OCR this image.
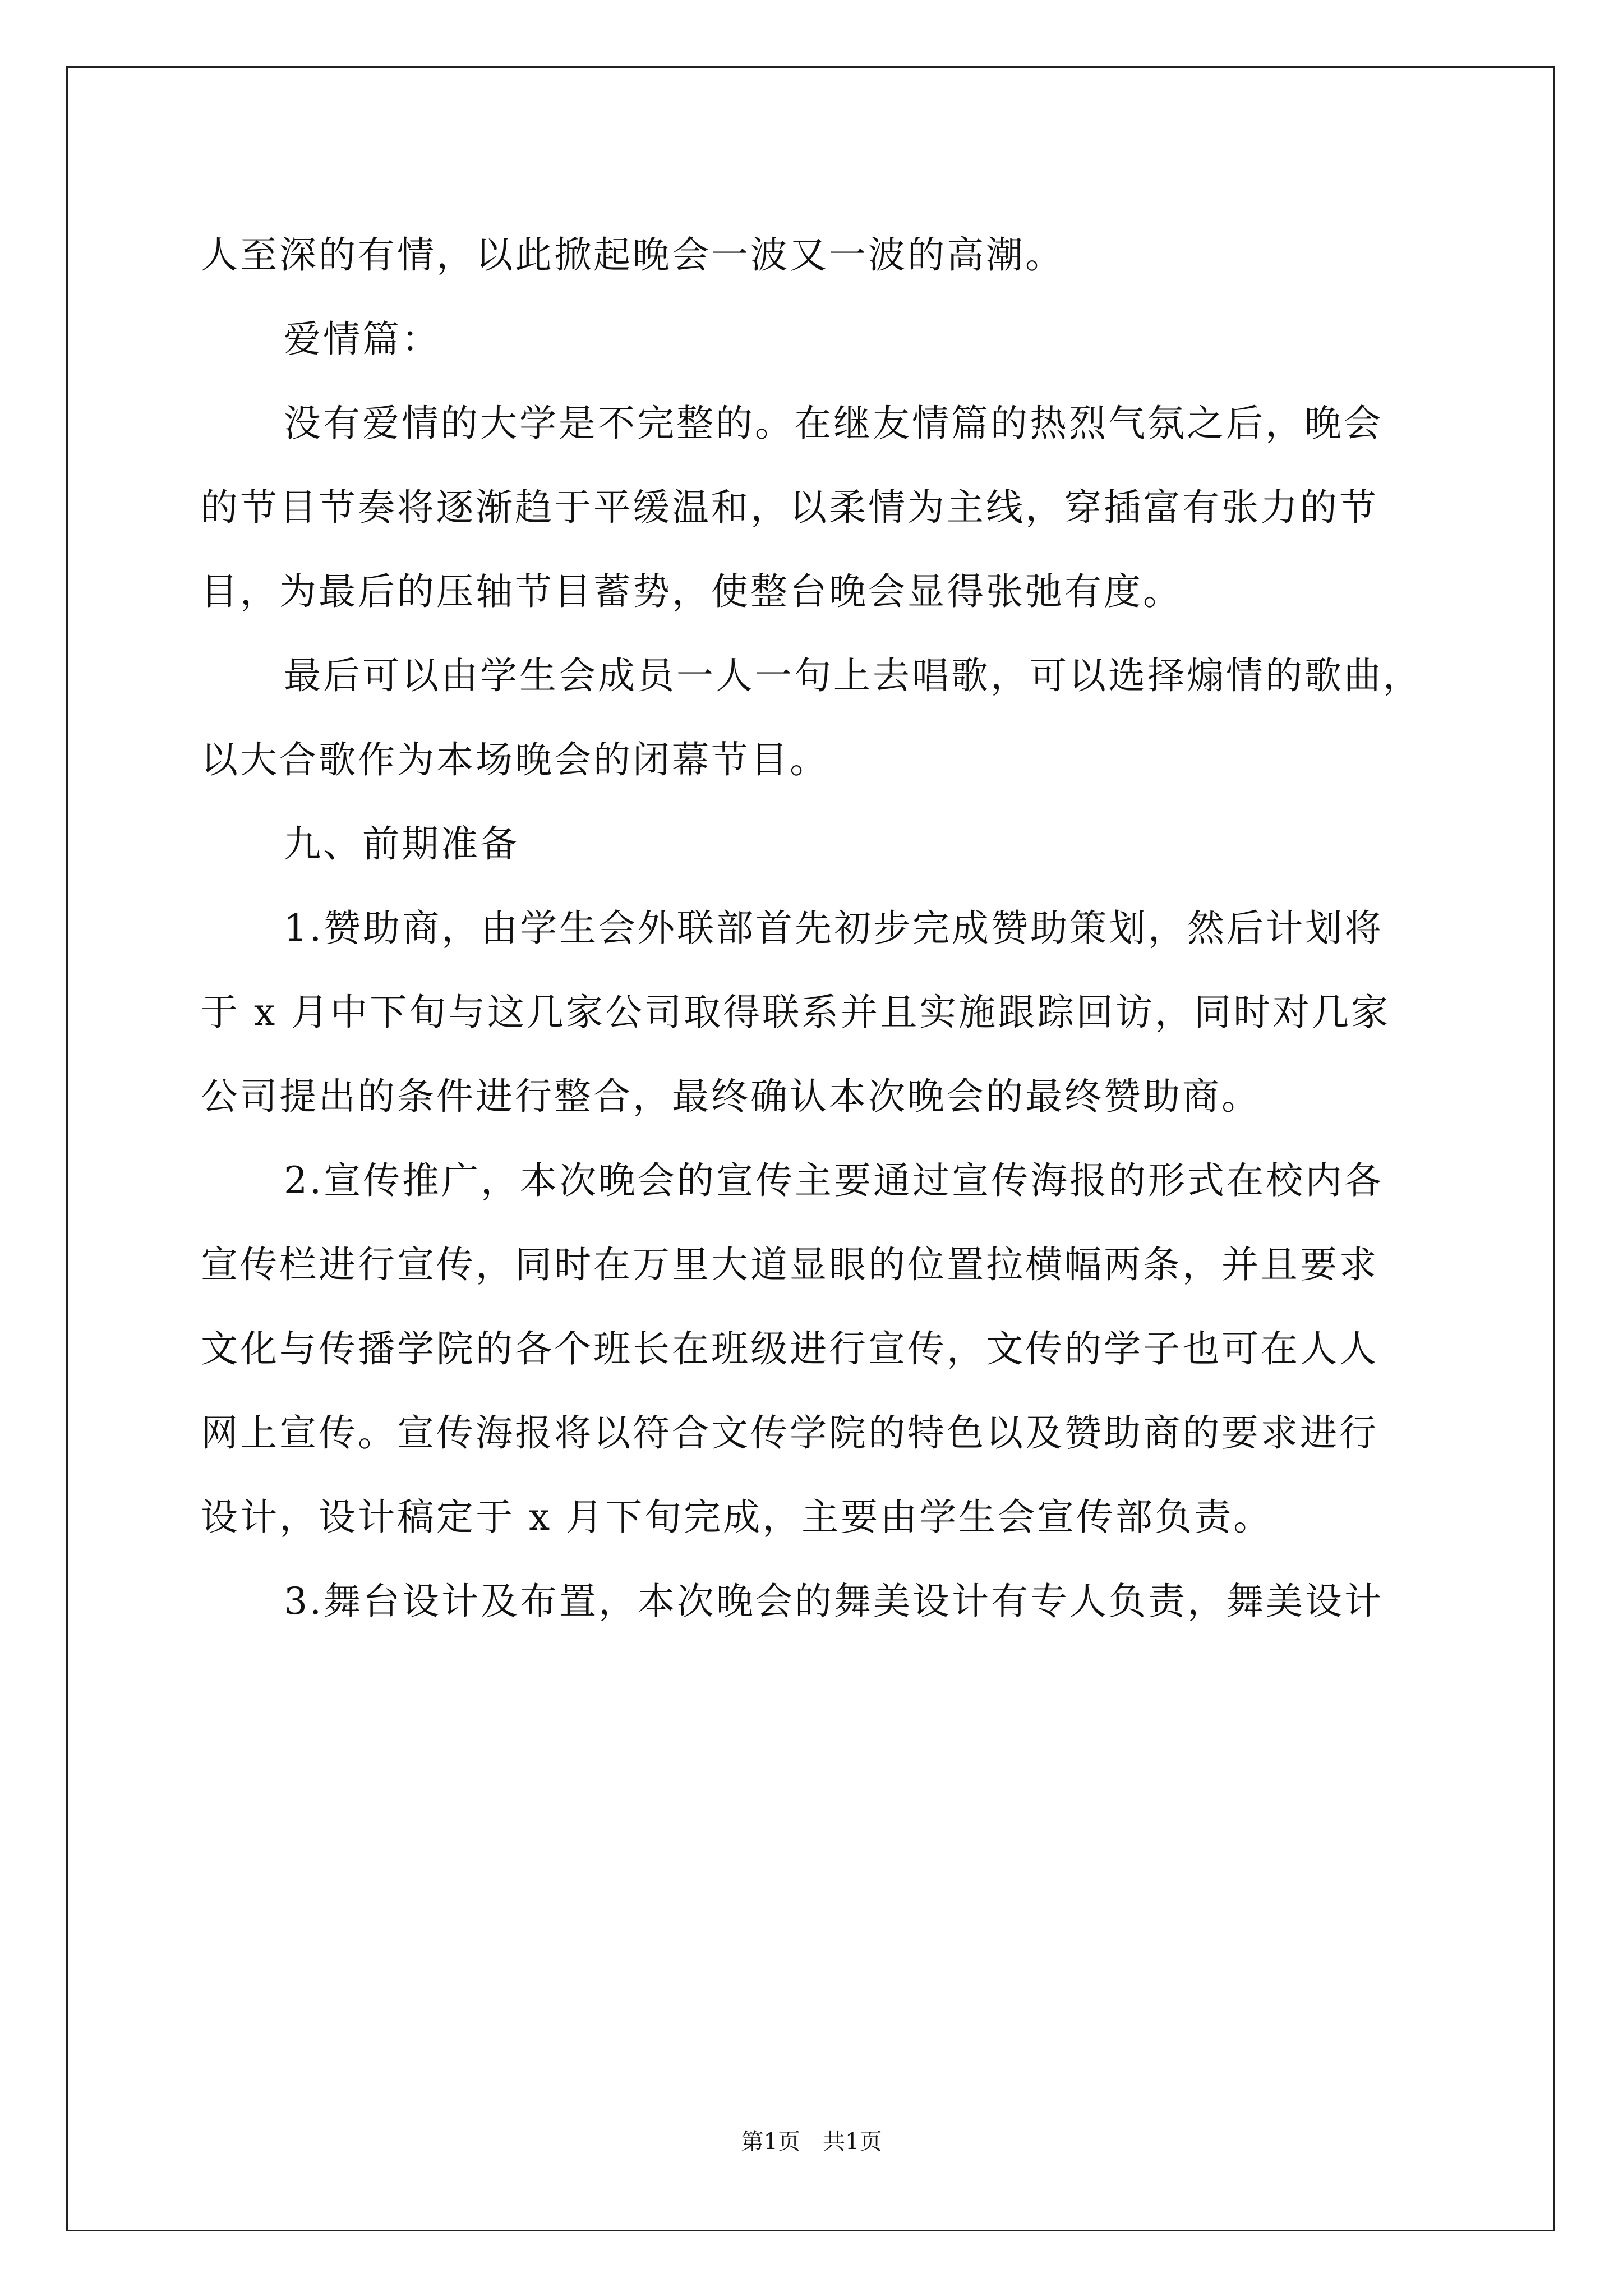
人至深的有情，以此掀起晚会一波又一波的高潮。
爱情篇：
没有爱情的大学是不完整的。在继友情篇的热烈气氛之后，晚会
的节目节奏将逐渐趋于平缓温和，以柔情为主线，穿插富有张力的节
目，为最后的压轴节目蓄势，使整台晚会显得张弛有度。
最后可以由学生会成员一人一句上去唱歌，可以选择煽情的歌曲，
以大合歌作为本场晚会的闭幕节目。
九、前期准备
1.赞助商，由学生会外联部首先初步完成赞助策划，然后计划将
于 x 月中下旬与这几家公司取得联系并且实施跟踪回访，同时对几家
公司提出的条件进行整合，最终确认本次晚会的最终赞助商。
2.宣传推广，本次晚会的宣传主要通过宣传海报的形式在校内各
宣传栏进行宣传，同时在万里大道显眼的位置拉横幅两条，并且要求
文化与传播学院的各个班长在班级进行宣传，文传的学子也可在人人
网上宣传。宣传海报将以符合文传学院的特色以及赞助商的要求进行
设计，设计稿定于 x 月下旬完成，主要由学生会宣传部负责。
3.舞台设计及布置，本次晚会的舞美设计有专人负责，舞美设计
第1页　共1页
